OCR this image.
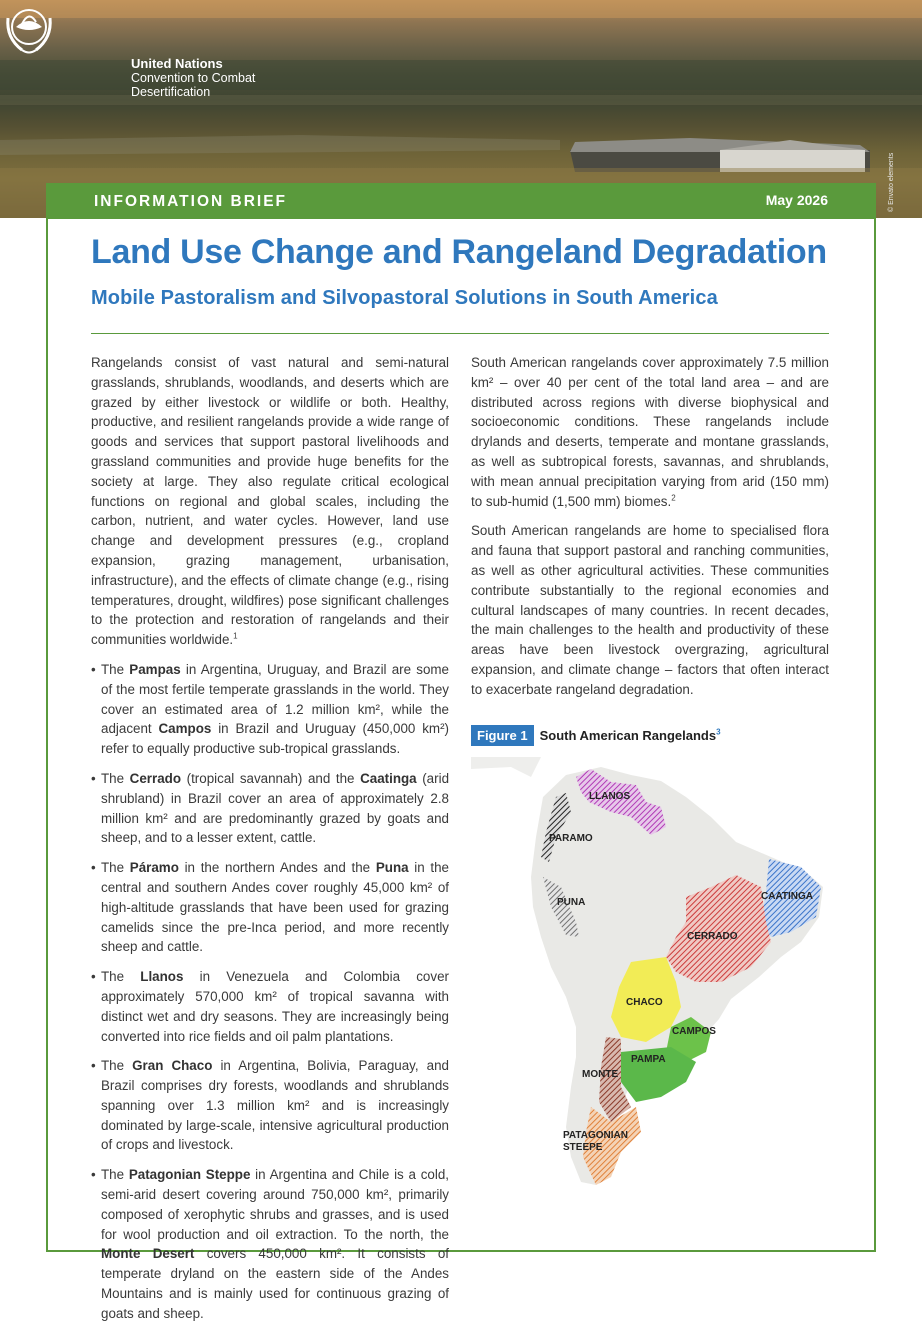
United Nations
Convention to Combat
Desertification
© Envato elements
INFORMATION BRIEF	May 2026
Land Use Change and Rangeland Degradation
Mobile Pastoralism and Silvopastoral Solutions in South America

Rangelands consist of vast natural and semi-natural grasslands, shrublands, woodlands, and deserts which are grazed by either livestock or wildlife or both. Healthy, productive, and resilient rangelands provide a wide range of goods and services that support pastoral livelihoods and grassland communities and provide huge benefits for the society at large. They also regulate critical ecological functions on regional and global scales, including the carbon, nutrient, and water cycles. However, land use change and development pressures (e.g., cropland expansion, grazing management, urbanisation, infrastructure), and the effects of climate change (e.g., rising temperatures, drought, wildfires) pose significant challenges to the protection and restoration of rangelands and their communities worldwide.$^1$

• The Pampas in Argentina, Uruguay, and Brazil are some of the most fertile temperate grasslands in the world. They cover an estimated area of 1.2 million km², while the adjacent Campos in Brazil and Uruguay (450,000 km²) refer to equally productive sub-tropical grasslands.
• The Cerrado (tropical savannah) and the Caatinga (arid shrubland) in Brazil cover an area of approximately 2.8 million km² and are predominantly grazed by goats and sheep, and to a lesser extent, cattle.
• The Páramo in the northern Andes and the Puna in the central and southern Andes cover roughly 45,000 km² of high-altitude grasslands that have been used for grazing camelids since the pre-Inca period, and more recently sheep and cattle.
• The Llanos in Venezuela and Colombia cover approximately 570,000 km² of tropical savanna with distinct wet and dry seasons. They are increasingly being converted into rice fields and oil palm plantations.
• The Gran Chaco in Argentina, Bolivia, Paraguay, and Brazil comprises dry forests, woodlands and shrublands spanning over 1.3 million km² and is increasingly dominated by large-scale, intensive agricultural production of crops and livestock.
• The Patagonian Steppe in Argentina and Chile is a cold, semi-arid desert covering around 750,000 km², primarily composed of xerophytic shrubs and grasses, and is used for wool production and oil extraction. To the north, the Monte Desert covers 450,000 km². It consists of temperate dryland on the eastern side of the Andes Mountains and is mainly used for continuous grazing of goats and sheep.

South American rangelands cover approximately 7.5 million km² – over 40 per cent of the total land area – and are distributed across regions with diverse biophysical and socioeconomic conditions. These rangelands include drylands and deserts, temperate and montane grasslands, as well as subtropical forests, savannas, and shrublands, with mean annual precipitation varying from arid (150 mm) to sub-humid (1,500 mm) biomes.$^2$

South American rangelands are home to specialised flora and fauna that support pastoral and ranching communities, as well as other agricultural activities. These communities contribute substantially to the regional economies and cultural landscapes of many countries. In recent decades, the main challenges to the health and productivity of these areas have been livestock overgrazing, agricultural expansion, and climate change – factors that often interact to exacerbate rangeland degradation.

Figure 1 South American Rangelands$^3$
LLANOS
PARAMO
PUNA
CAATINGA
CERRADO
CHACO
CAMPOS
PAMPA
MONTE
PATAGONIAN
STEEPE
